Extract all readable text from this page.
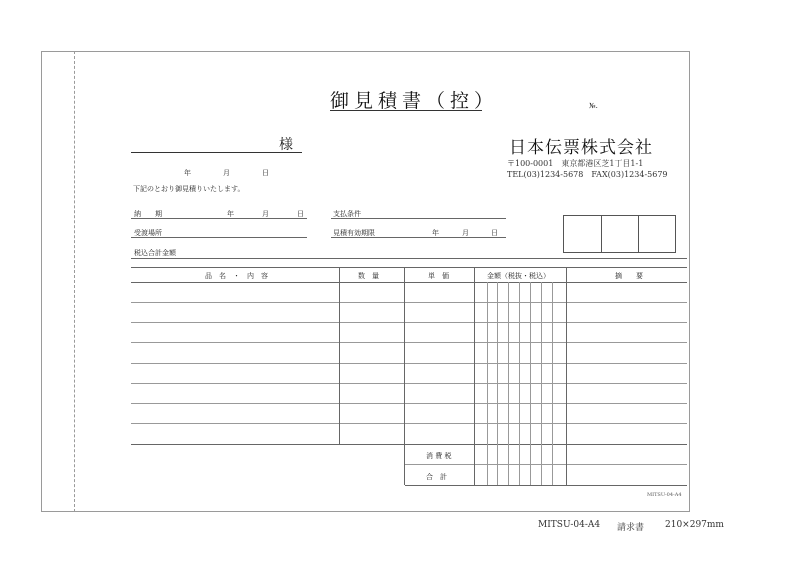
御見積書（控）	№.
様
年	月	日
下記のとおり御見積りいたします。
日本伝票株式会社
〒100-0001　東京都港区芝1丁目1-1
TEL(03)1234-5678　FAX(03)1234-5679
納　　期	年	月	日	支払条件
受渡場所	見積有効期限	年	月	日
税込合計金額
品　名　・　内　容	数　量	単　価	金額（税抜・税込）	摘　　要
消 費 税
合　計
MITSU-04-A4
MITSU-04-A4 請求書 210×297mm
